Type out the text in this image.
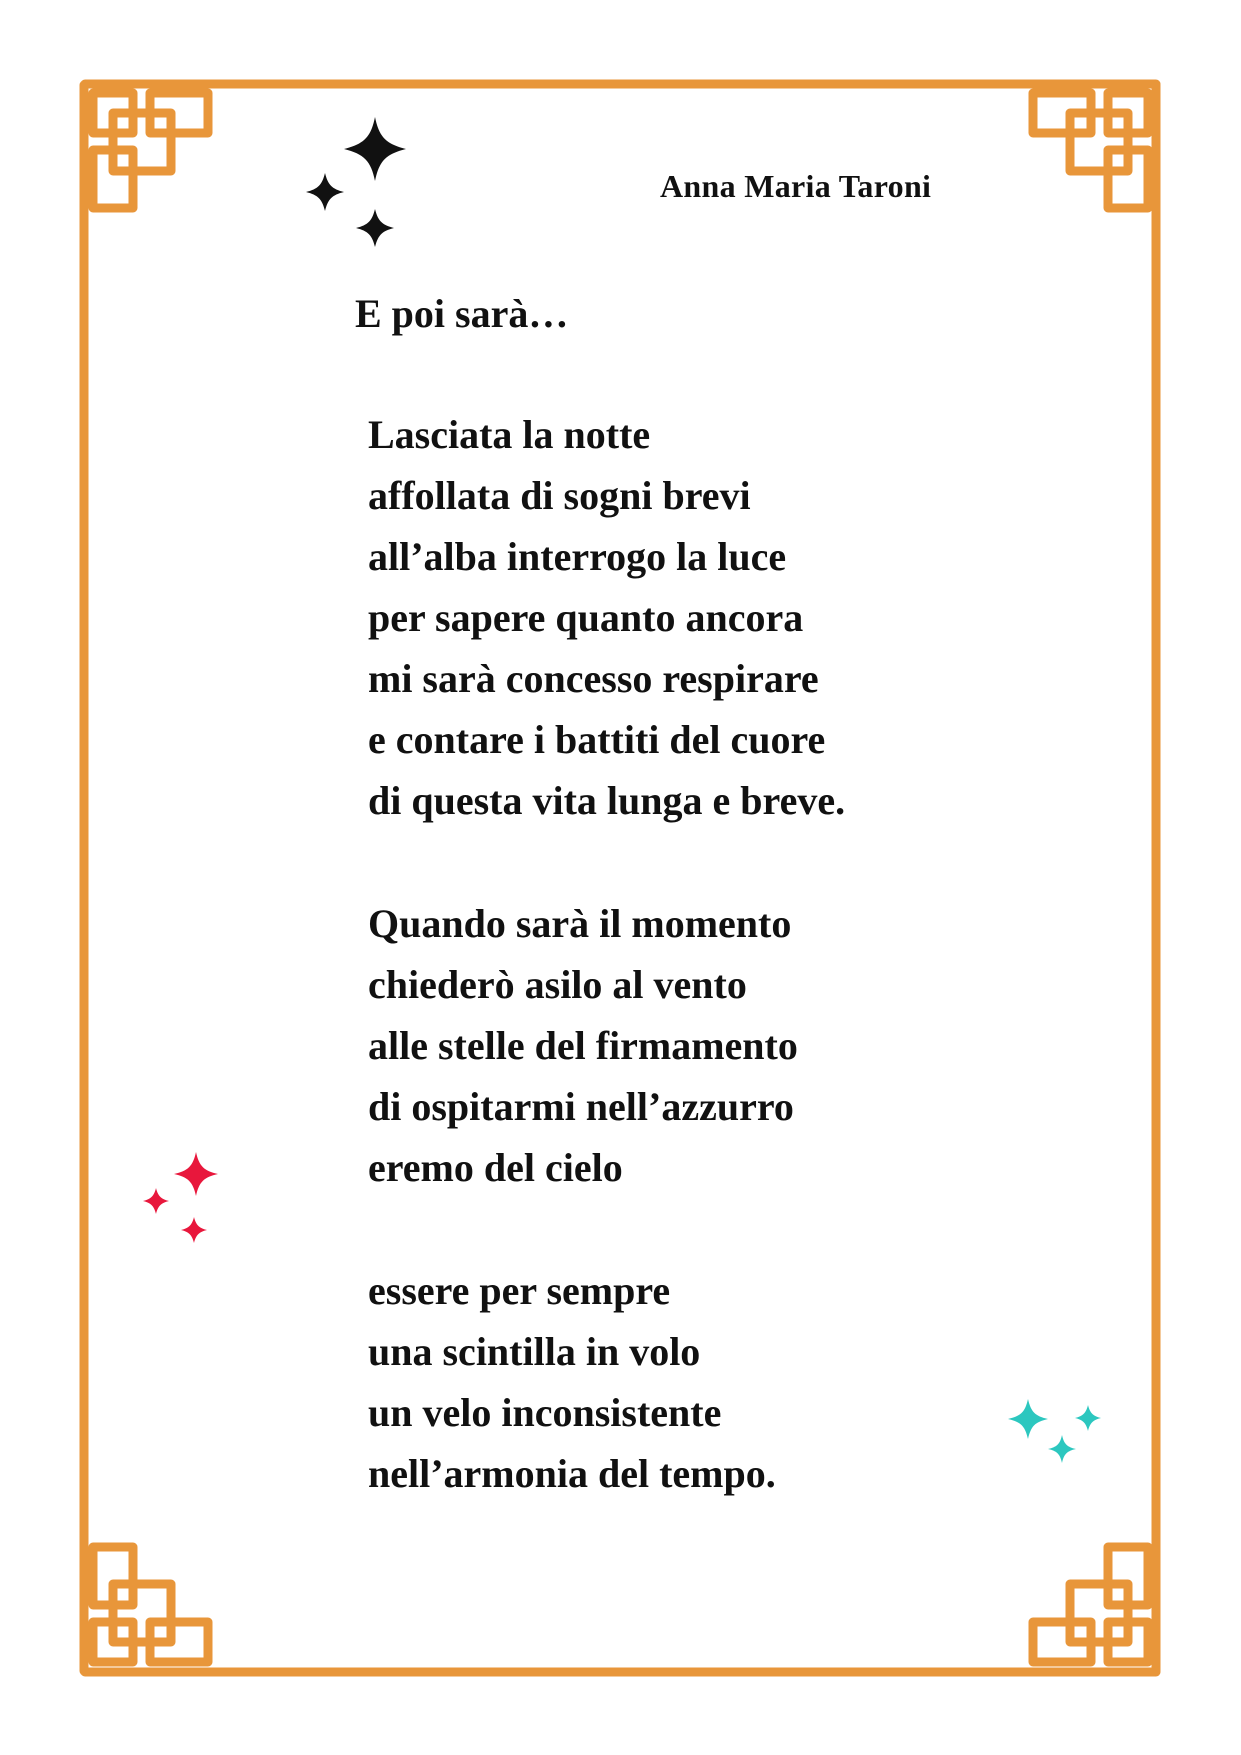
Anna Maria Taroni

E poi sarà…
Lasciata la notte
affollata di sogni brevi
all’alba interrogo la luce
per sapere quanto ancora
mi sarà concesso respirare
e contare i battiti del cuore
di questa vita lunga e breve.
Quando sarà il momento
chiederò asilo al vento
alle stelle del firmamento
di ospitarmi nell’azzurro
eremo del cielo
essere per sempre
una scintilla in volo
un velo inconsistente
nell’armonia del tempo.
